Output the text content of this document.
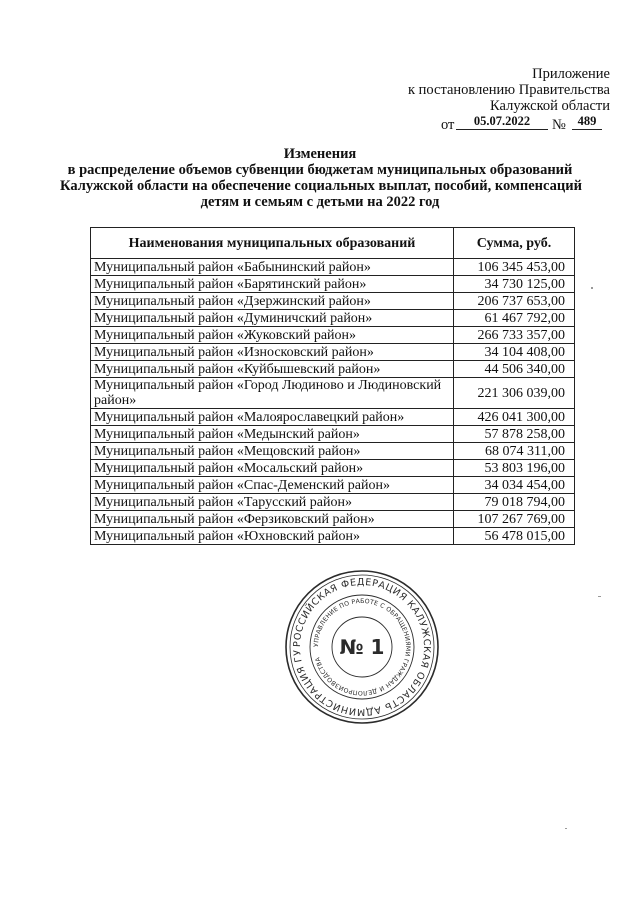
Приложение
к постановлению Правительства
Калужской области
от	05.07.2022	№ 489
Изменения
в распределение объемов субвенции бюджетам муниципальных образований
Калужской области на обеспечение социальных выплат, пособий, компенсаций
детям и семьям с детьми на 2022 год
Наименования муниципальных образований	Сумма, руб.
Муниципальный район «Бабынинский район»	106 345 453,00
Муниципальный район «Барятинский район»	34 730 125,00
Муниципальный район «Дзержинский район»	206 737 653,00
Муниципальный район «Думиничский район»	61 467 792,00
Муниципальный район «Жуковский район»	266 733 357,00
Муниципальный район «Износковский район»	34 104 408,00
Муниципальный район «Куйбышевский район»	44 506 340,00
Муниципальный район «Город Людиново и Людиновский район»	221 306 039,00
Муниципальный район «Малоярославецкий район»	426 041 300,00
Муниципальный район «Медынский район»	57 878 258,00
Муниципальный район «Мещовский район»	68 074 311,00
Муниципальный район «Мосальский район»	53 803 196,00
Муниципальный район «Спас-Деменский район»	34 034 454,00
Муниципальный район «Тарусский район»	79 018 794,00
Муниципальный район «Ферзиковский район»	107 267 769,00
Муниципальный район «Юхновский район»	56 478 015,00
РОССИЙСКАЯ ФЕДЕРАЦИЯ КАЛУЖСКАЯ ОБЛАСТЬ АДМИНИСТРАЦИЯ ГУ
УПРАВЛЕНИЕ ПО РАБОТЕ С ОБРАЩЕНИЯМИ ГРАЖДАН И ДЕЛОПРОИЗВОДСТВА
№ 1
